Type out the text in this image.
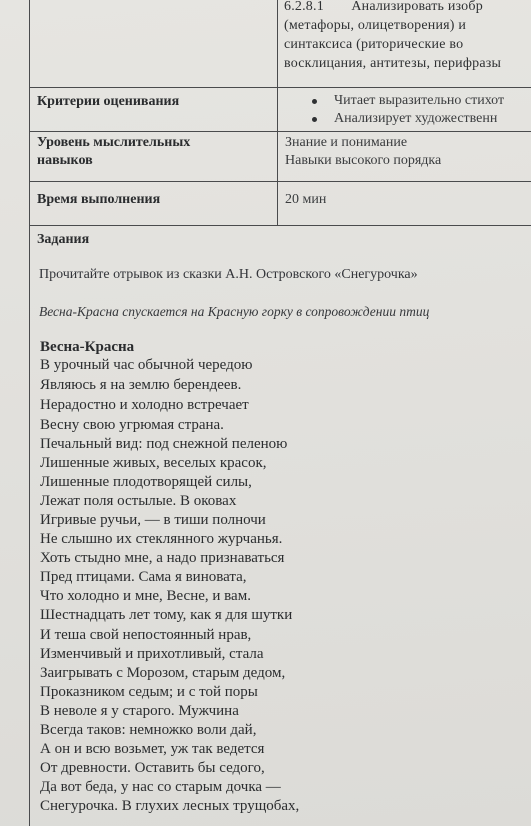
6.2.8.1 Анализировать изобр
(метафоры, олицетворения) и
синтаксиса (риторические во
восклицания, антитезы, перифразы
Критерии оценивания	Читает выразительно стихот
Анализирует художественн
Уровень мыслительных
навыков
Знание и понимание
Навыки высокого порядка
Время выполнения	20 мин
Задания
Прочитайте отрывок из сказки А.Н. Островского «Снегурочка»
Весна-Красна спускается на Красную горку в сопровождении птиц
Весна-Красна
В урочный час обычной чередою
Являюсь я на землю берендеев.
Нерадостно и холодно встречает
Весну свою угрюмая страна.
Печальный вид: под снежной пеленою
Лишенные живых, веселых красок,
Лишенные плодотворящей силы,
Лежат поля остылые. В оковах
Игривые ручьи, — в тиши полночи
Не слышно их стеклянного журчанья.
Хоть стыдно мне, а надо признаваться
Пред птицами. Сама я виновата,
Что холодно и мне, Весне, и вам.
Шестнадцать лет тому, как я для шутки
И теша свой непостоянный нрав,
Изменчивый и прихотливый, стала
Заигрывать с Морозом, старым дедом,
Проказником седым; и с той поры
В неволе я у старого. Мужчина
Всегда таков: немножко воли дай,
А он и всю возьмет, уж так ведется
От древности. Оставить бы седого,
Да вот беда, у нас со старым дочка —
Снегурочка. В глухих лесных трущобах,
